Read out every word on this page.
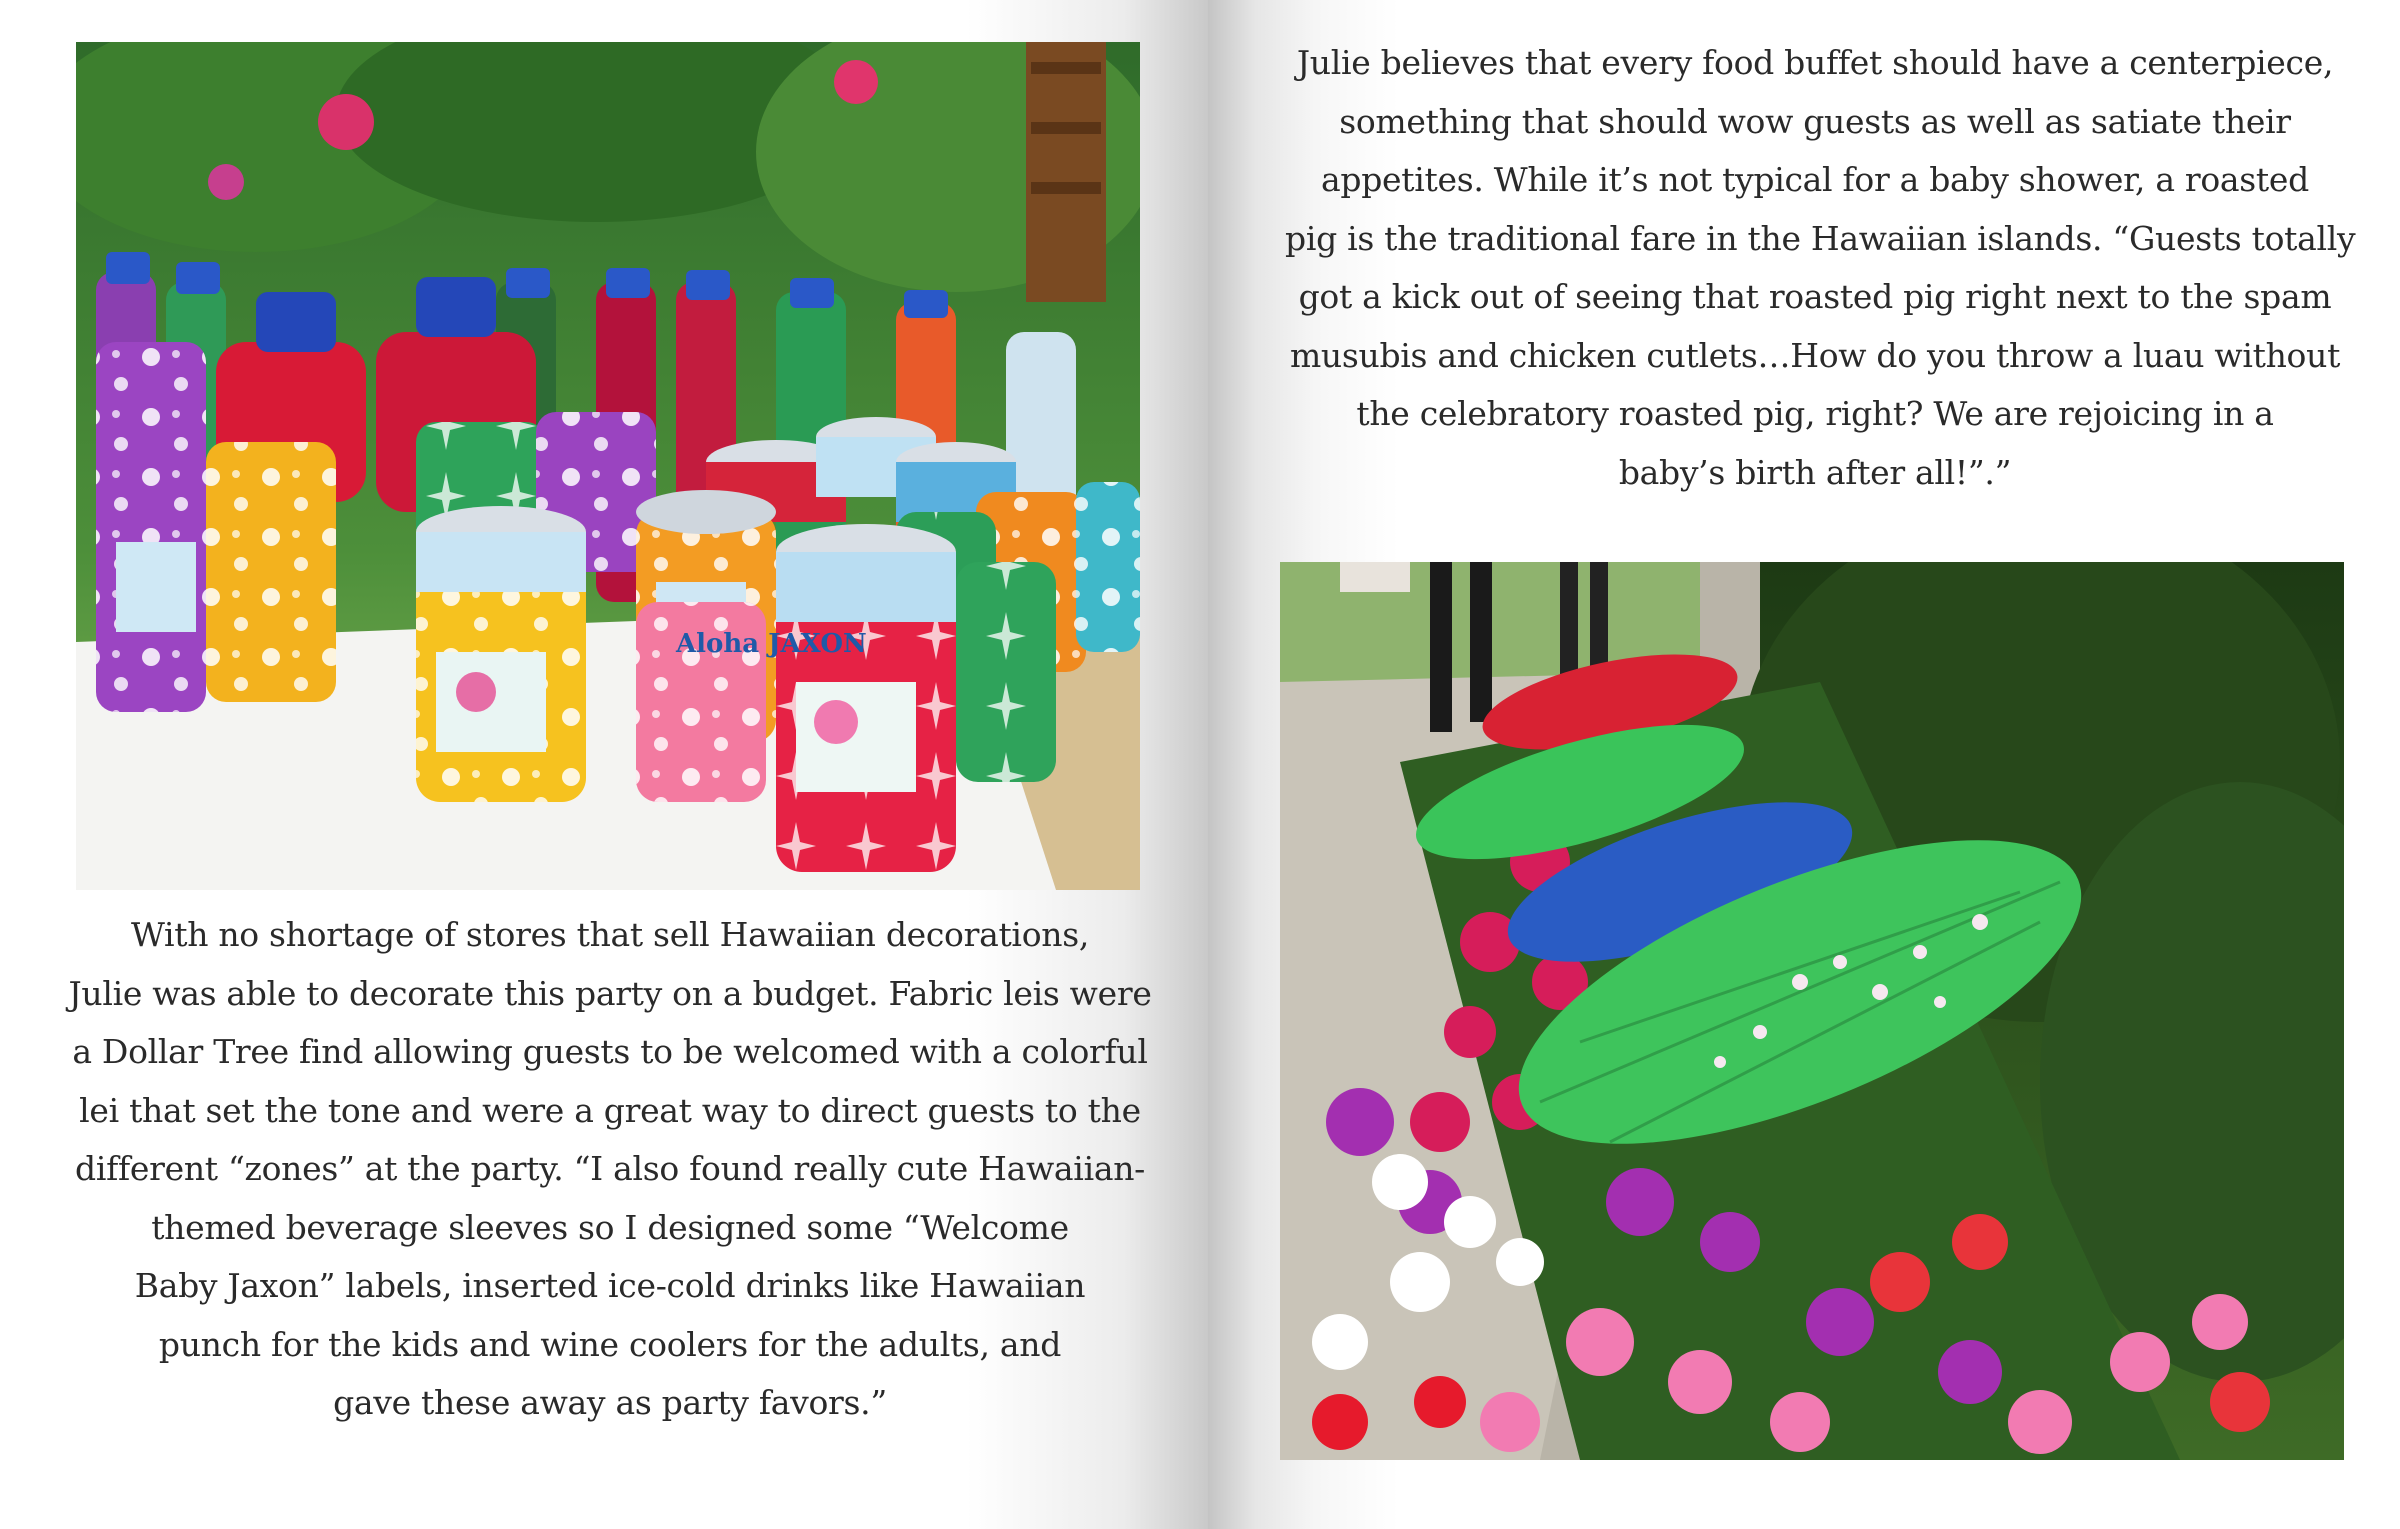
Aloha JAXON

With no shortage of stores that sell Hawaiian decorations,
Julie was able to decorate this party on a budget. Fabric leis were
a Dollar Tree find allowing guests to be welcomed with a colorful
lei that set the tone and were a great way to direct guests to the
different “zones” at the party. “I also found really cute Hawaiian-
themed beverage sleeves so I designed some “Welcome
Baby Jaxon” labels, inserted ice-cold drinks like Hawaiian
punch for the kids and wine coolers for the adults, and
gave these away as party favors.”

Julie believes that every food buffet should have a centerpiece,
something that should wow guests as well as satiate their
appetites. While it’s not typical for a baby shower, a roasted
pig is the traditional fare in the Hawaiian islands. “Guests totally
got a kick out of seeing that roasted pig right next to the spam
musubis and chicken cutlets…How do you throw a luau without
the celebratory roasted pig, right? We are rejoicing in a
baby’s birth after all!”.”
